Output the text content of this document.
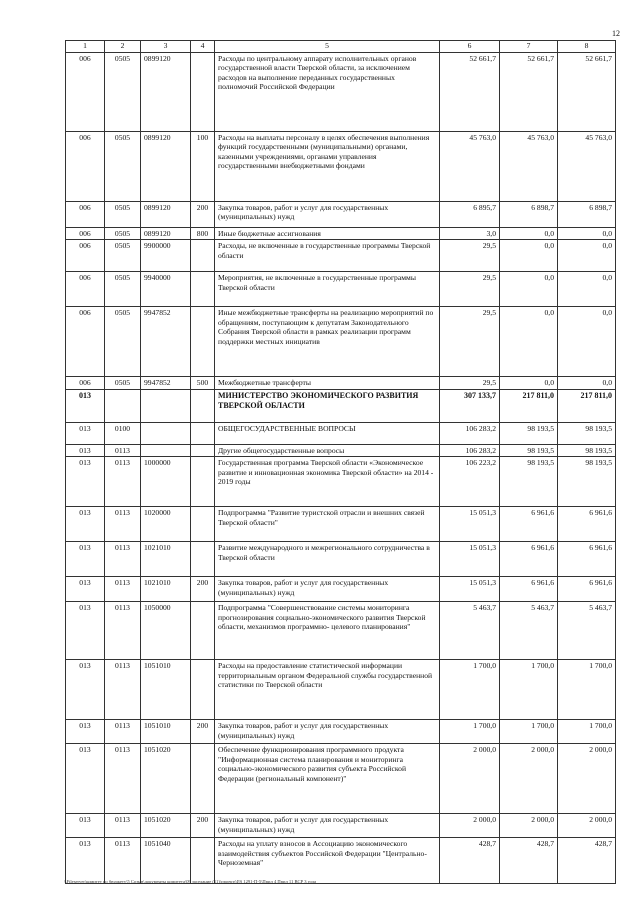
12
1	2	3	4	5	6	7	8
006	0505	0899120		Расходы по центральному аппарату исполнительных органов государственной власти Тверской области, за исключением расходов на выполнение переданных государственных полномочий Российской Федерации	52 661,7	52 661,7	52 661,7
006	0505	0899120	100	Расходы на выплаты персоналу в целях обеспечения выполнения функций государственными (муниципальными) органами, казенными учреждениями, органами управления государственными внебюджетными фондами	45 763,0	45 763,0	45 763,0
006	0505	0899120	200	Закупка товаров, работ и услуг для государственных (муниципальных) нужд	6 895,7	6 898,7	6 898,7
006	0505	0899120	800	Иные бюджетные ассигнования	3,0	0,0	0,0
006	0505	9900000		Расходы, не включенные в государственные программы Тверской области	29,5	0,0	0,0
006	0505	9940000		Мероприятия, не включенные в государственные программы Тверской области	29,5	0,0	0,0
006	0505	9947852		Иные межбюджетные трансферты на реализацию мероприятий по обращениям, поступающим к депутатам Законодательного Собрания Тверской области в рамках реализации программ поддержки местных инициатив	29,5	0,0	0,0
006	0505	9947852	500	Межбюджетные трансферты	29,5	0,0	0,0
013				МИНИСТЕРСТВО ЭКОНОМИЧЕСКОГО РАЗВИТИЯ ТВЕРСКОЙ ОБЛАСТИ	307 133,7	217 811,0	217 811,0
013	0100			ОБЩЕГОСУДАРСТВЕННЫЕ ВОПРОСЫ	106 283,2	98 193,5	98 193,5
013	0113			Другие общегосударственные вопросы	106 283,2	98 193,5	98 193,5
013	0113	1000000		Государственная программа Тверской области «Экономическое развитие и инновационная экономика Тверской области» на 2014 - 2019 годы	106 223,2	98 193,5	98 193,5
013	0113	1020000		Подпрограмма "Развитие туристской отрасли и внешних связей Тверской области"	15 051,3	6 961,6	6 961,6
013	0113	1021010		Развитие международного и межрегионального сотрудничества в Тверской области	15 051,3	6 961,6	6 961,6
013	0113	1021010	200	Закупка товаров, работ и услуг для государственных (муниципальных) нужд	15 051,3	6 961,6	6 961,6
013	0113	1050000		Подпрограмма "Совершенствование системы мониторинга прогнозирования социально-экономического развития Тверской области, механизмов программно- целевого планирования"	5 463,7	5 463,7	5 463,7
013	0113	1051010		Расходы на предоставление статистической информации территориальным органом Федеральной службы государственной статистики по Тверской области	1 700,0	1 700,0	1 700,0
013	0113	1051010	200	Закупка товаров, работ и услуг для государственных (муниципальных) нужд	1 700,0	1 700,0	1 700,0
013	0113	1051020		Обеспечение функционирования программного продукта "Информационная система планирования и мониторинга социально-экономического развития субъекта Российской Федерации (региональный компонент)"	2 000,0	2 000,0	2 000,0
013	0113	1051020	200	Закупка товаров, работ и услуг для государственных (муниципальных) нужд	2 000,0	2 000,0	2 000,0
013	0113	1051040		Расходы на уплату взносов в Ассоциацию экономического взаимодействия субъектов Российской Федерации "Центрально-Черноземная"	428,7	428,7	428,7
\\Fileserver\комитет по бюджету\5 Созыв\документы комитета\09 заседание (11)\проект(49) 1291-П-5\Прил 4 Прил 11 ВСР 3 года
